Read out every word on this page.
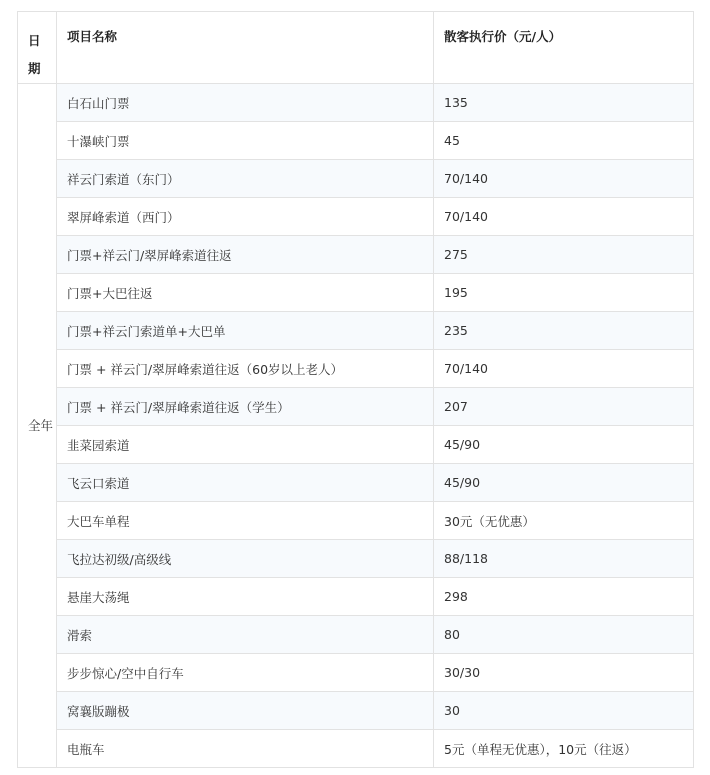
日期	项目名称	散客执行价（元/人）
全年	白石山门票	135
	十瀑峡门票	45
	祥云门索道（东门）	70/140
	翠屏峰索道（西门）	70/140
	门票+祥云门/翠屏峰索道往返	275
	门票+大巴往返	195
	门票+祥云门索道单+大巴单	235
	门票 + 祥云门/翠屏峰索道往返（60岁以上老人）	70/140
	门票 + 祥云门/翠屏峰索道往返（学生）	207
	韭菜园索道	45/90
	飞云口索道	45/90
	大巴车单程	30元（无优惠）
	飞拉达初级/高级线	88/118
	悬崖大荡绳	298
	滑索	80
	步步惊心/空中自行车	30/30
	窝襄版蹦极	30
	电瓶车	5元（单程无优惠），10元（往返）
